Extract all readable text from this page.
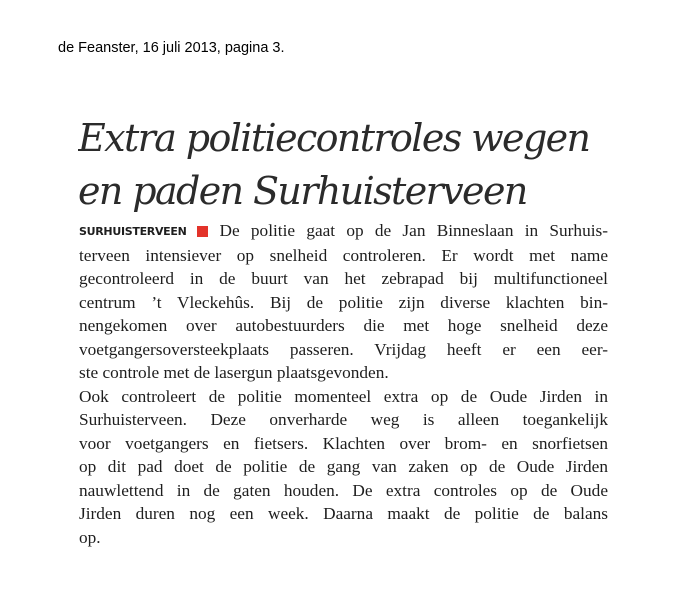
de Feanster, 16 juli 2013, pagina 3.
Extra politiecontroles wegen
en paden Surhuisterveen
SURHUISTERVEEN De politie gaat op de Jan Binneslaan in Surhuis-
terveen intensiever op snelheid controleren. Er wordt met name
gecontroleerd in de buurt van het zebrapad bij multifunctioneel
centrum ’t Vleckehûs. Bij de politie zijn diverse klachten bin-
nengekomen over autobestuurders die met hoge snelheid deze
voetgangersoversteekplaats passeren. Vrijdag heeft er een eer-
ste controle met de lasergun plaatsgevonden.
Ook controleert de politie momenteel extra op de Oude Jirden in
Surhuisterveen. Deze onverharde weg is alleen toegankelijk
voor voetgangers en fietsers. Klachten over brom- en snorfietsen
op dit pad doet de politie de gang van zaken op de Oude Jirden
nauwlettend in de gaten houden. De extra controles op de Oude
Jirden duren nog een week. Daarna maakt de politie de balans
op.
